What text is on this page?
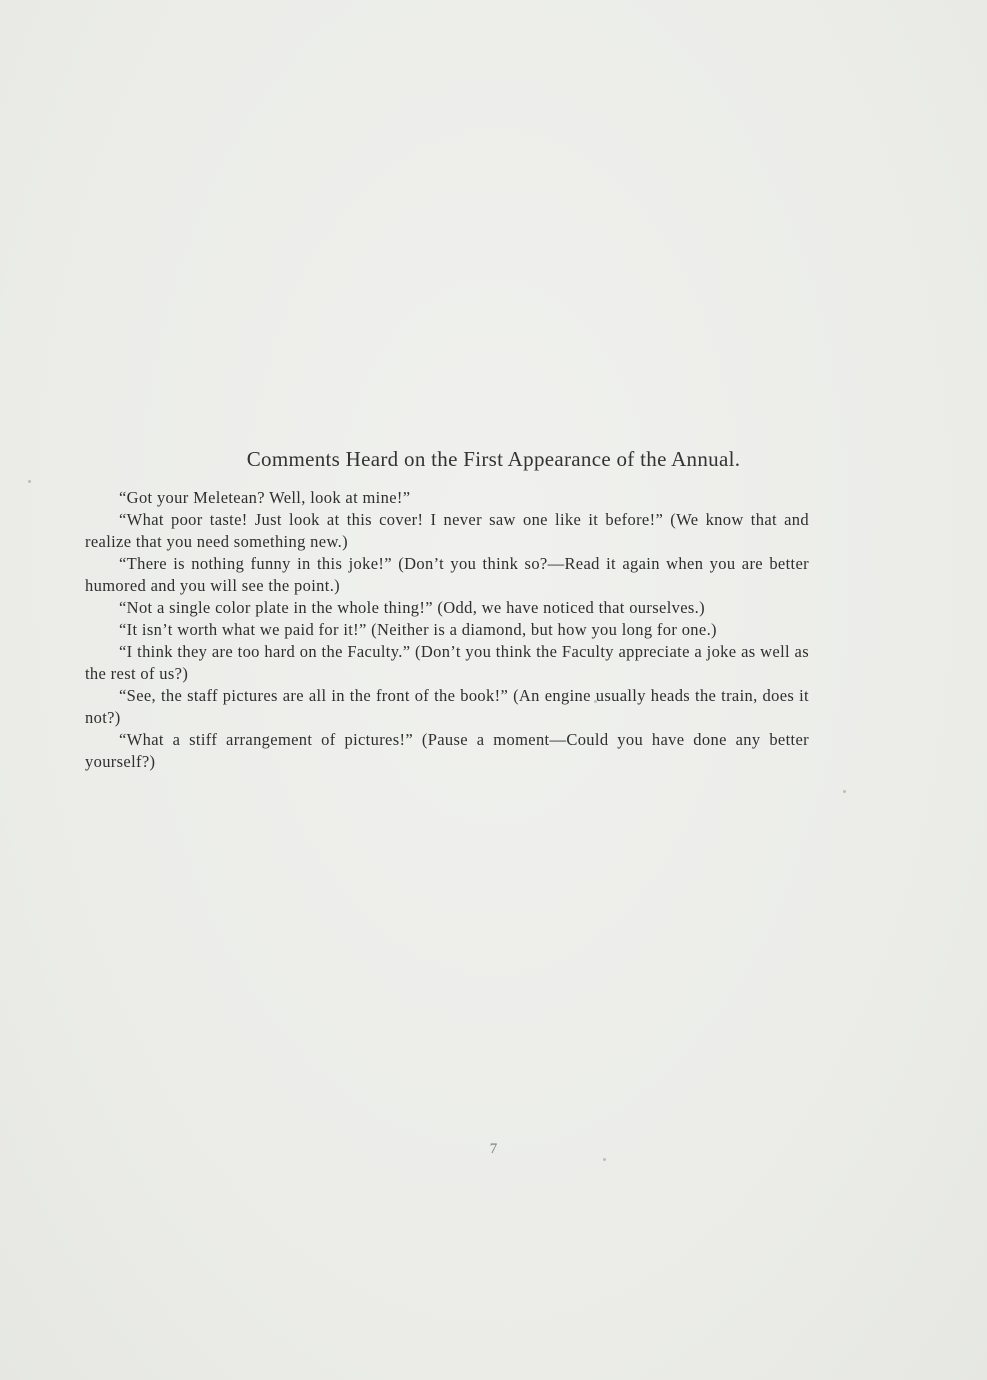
Comments Heard on the First Appearance of the Annual.

“Got your Meletean? Well, look at mine!”

“What poor taste! Just look at this cover! I never saw one like it before!” (We know that and realize that you need something new.)

“There is nothing funny in this joke!” (Don’t you think so?—Read it again when you are better humored and you will see the point.)

“Not a single color plate in the whole thing!” (Odd, we have noticed that ourselves.)

“It isn’t worth what we paid for it!” (Neither is a diamond, but how you long for one.)

“I think they are too hard on the Faculty.” (Don’t you think the Faculty appreciate a joke as well as the rest of us?)

“See, the staff pictures are all in the front of the book!” (An engine usually heads the train, does it not?)

“What a stiff arrangement of pictures!” (Pause a moment—Could you have done any better yourself?)

7
